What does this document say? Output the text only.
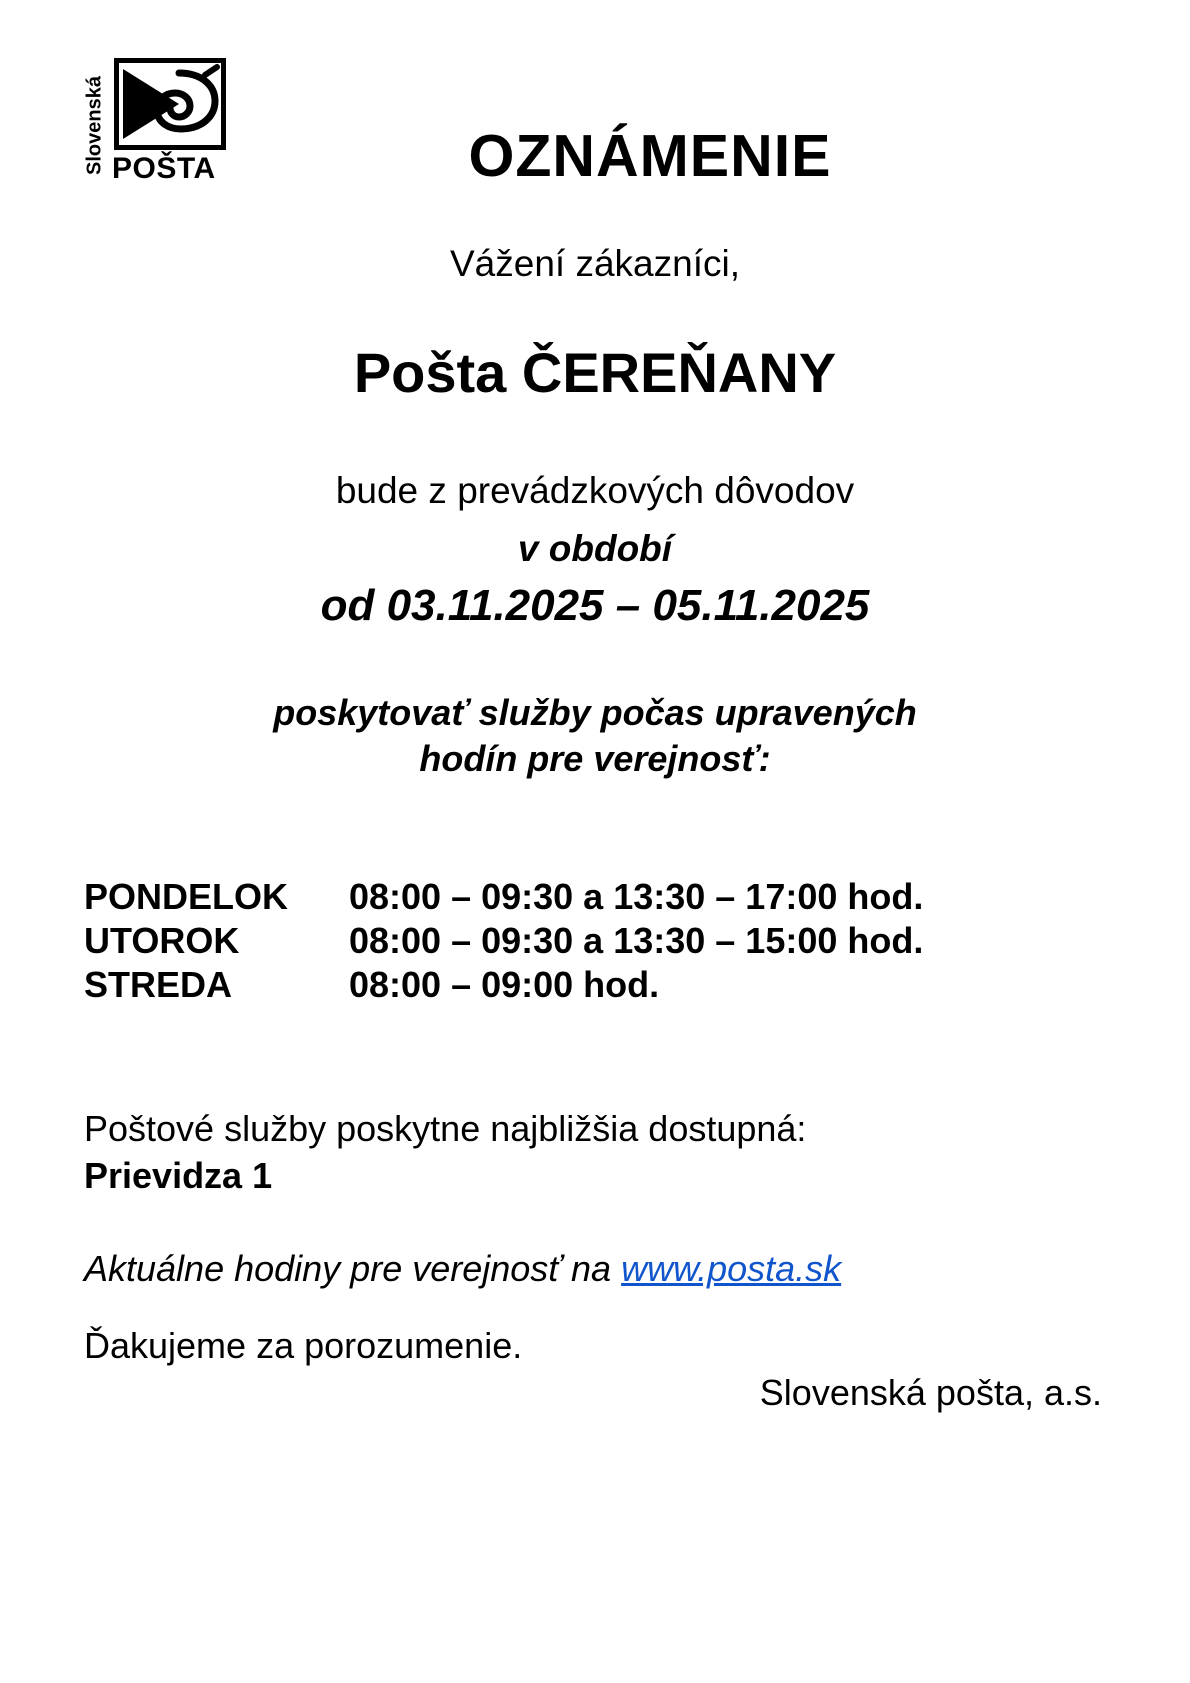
Slovenská POŠTA	OZNÁMENIE
Vážení zákazníci,
Pošta ČEREŇANY
bude z prevádzkových dôvodov
v období
od 03.11.2025 – 05.11.2025
poskytovať služby počas upravených
hodín pre verejnosť:
PONDELOK	08:00 – 09:30 a 13:30 – 17:00 hod.
UTOROK	08:00 – 09:30 a 13:30 – 15:00 hod.
STREDA	08:00 – 09:00 hod.
Poštové služby poskytne najbližšia dostupná:
Prievidza 1
Aktuálne hodiny pre verejnosť na www.posta.sk
Ďakujeme za porozumenie.
Slovenská pošta, a.s.
